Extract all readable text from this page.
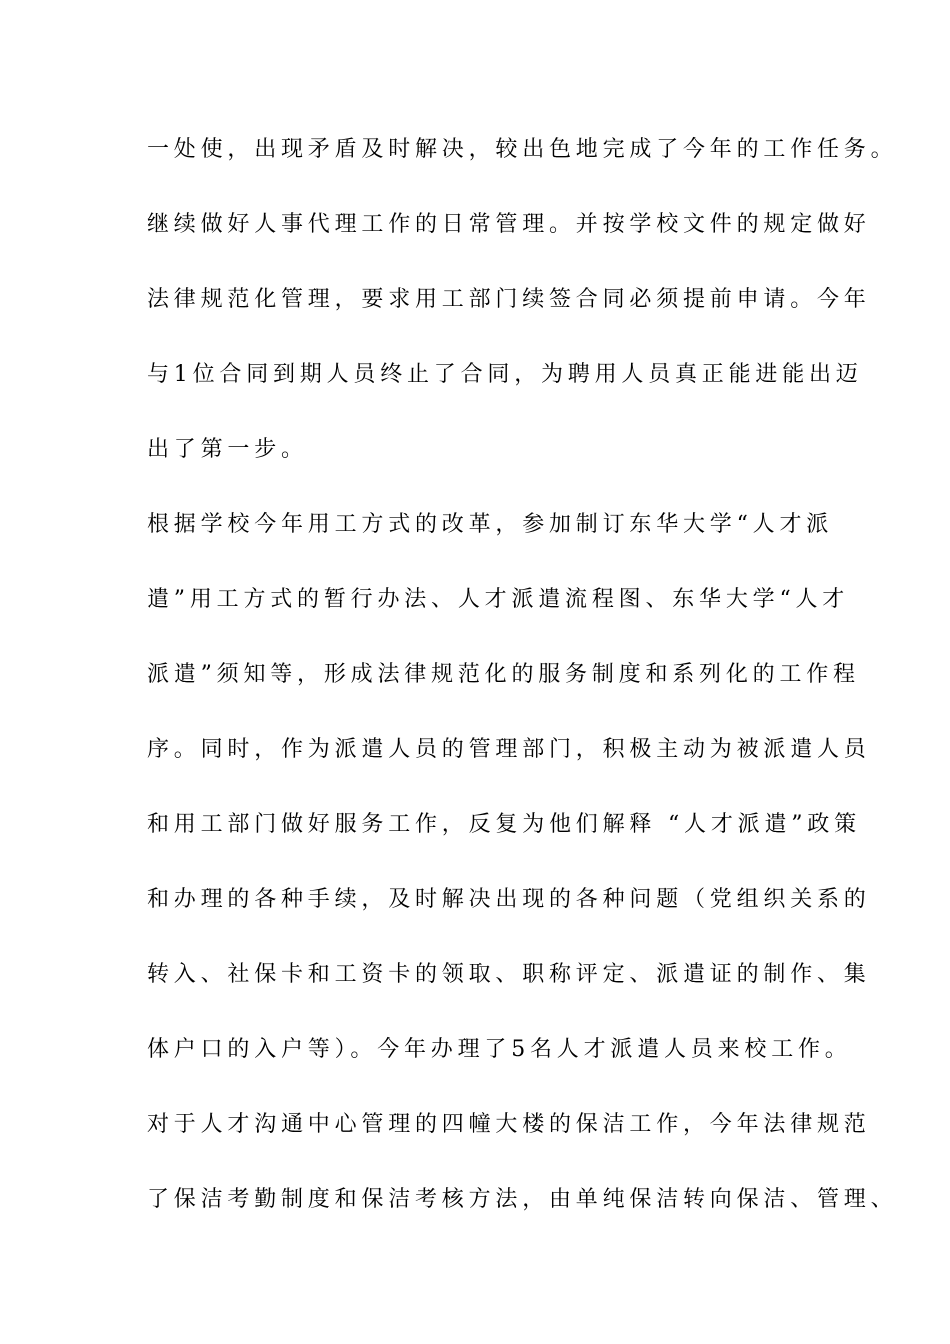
一处使，出现矛盾及时解决，较出色地完成了今年的工作任务。
继续做好人事代理工作的日常管理。并按学校文件的规定做好
法律规范化管理，要求用工部门续签合同必须提前申请。今年
与1位合同到期人员终止了合同，为聘用人员真正能进能出迈
出了第一步。
根据学校今年用工方式的改革，参加制订东华大学“人才派
遣”用工方式的暂行办法、人才派遣流程图、东华大学“人才
派遣”须知等，形成法律规范化的服务制度和系列化的工作程
序。同时，作为派遣人员的管理部门，积极主动为被派遣人员
和用工部门做好服务工作，反复为他们解释 “人才派遣”政策
和办理的各种手续，及时解决出现的各种问题（党组织关系的
转入、社保卡和工资卡的领取、职称评定、派遣证的制作、集
体户口的入户等）。今年办理了5名人才派遣人员来校工作。
对于人才沟通中心管理的四幢大楼的保洁工作，今年法律规范
了保洁考勤制度和保洁考核方法，由单纯保洁转向保洁、管理、
